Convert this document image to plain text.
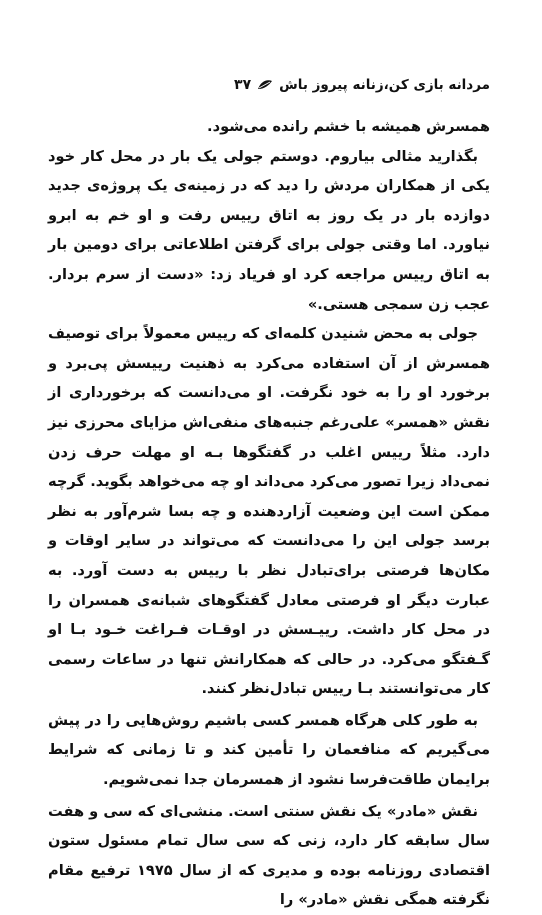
مردانه بازی کن،زنانه پیروز باش
۳۷

همسرش همیشه با خشم رانده می‌شود.

بگذارید مثالی بیاروم. دوستم جولی یک بار در محل کار خود یکی از همکاران مردش را دید که در زمینه‌ی یک پروژه‌ی جدید دوازده بار در یک روز به اتاق رییس رفت و او خم به ابرو نیاورد. اما وقتی جولی برای گرفتن اطلاعاتی برای دومین بار به اتاق رییس مراجعه کرد او فریاد زد: «دست از سرم بردار. عجب زن سمجی هستی.»

جولی به محض شنیدن کلمه‌ای که رییس معمولاً برای توصیف همسرش از آن استفاده می‌کرد به ذهنیت رییسش پی‌برد و برخورد او را به خود نگرفت. او می‌دانست که برخورداری از نقش «همسر» علی‌رغم جنبه‌های منفی‌اش مزایای محرزی نیز دارد. مثلاً رییس اغلب در گفتگوها بـه او مهلت حرف زدن نمی‌داد زیرا تصور می‌کرد می‌داند او چه می‌خواهد بگوید. گرچه ممکن است این وضعیت آزاردهنده و چه بسا شرم‌آور به نظر برسد جولی این را می‌دانست که می‌تواند در سایر اوقات و مکان‌ها فرصتی برای‌تبادل نظر با رییس به دست آورد. به عبارت دیگر او فرصتی معادل گفتگوهای شبانه‌ی همسران را در محل کار داشت. رییـسش در اوقـات فـراغت خـود بـا او گـفتگو می‌کرد. در حالی که همکارانش تنها در ساعات رسمی کار می‌توانستند بـا رییس تبادل‌نظر کنند.

به طور کلی هرگاه همسر کسی باشیم روش‌هایی را در پیش می‌گیریم که منافعمان را تأمین کند و تا زمانی که شرایط برایمان طاقت‌فرسا نشود از همسرمان جدا نمی‌شویم.

نقش «مادر» یک نقش سنتی است. منشی‌ای که سی و هفت سال سابقه کار دارد، زنی که سی سال تمام مسئول ستون اقتصادی روزنامه بوده و مدیری که از سال ۱۹۷۵ ترفیع مقام نگرفته همگی نقش «مادر» را
